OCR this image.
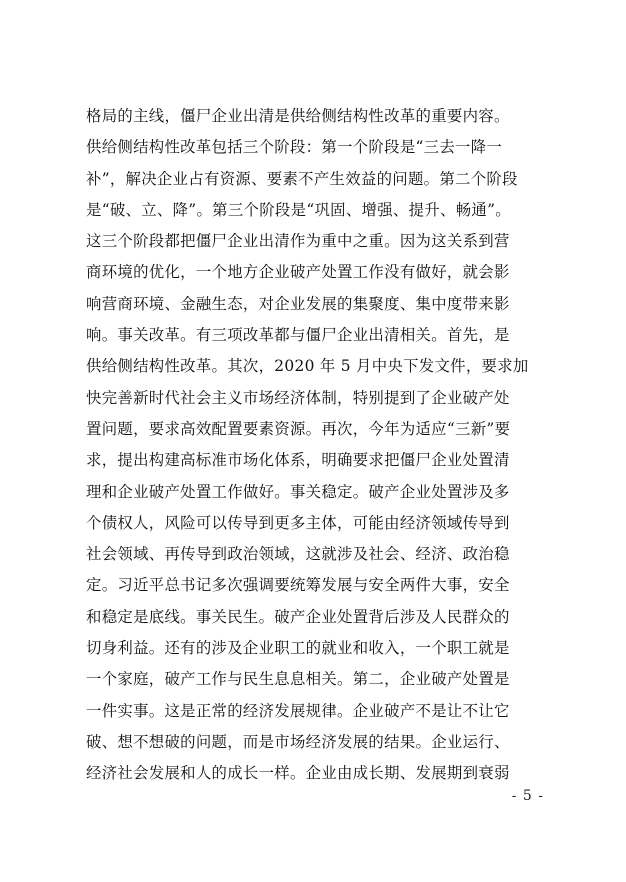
格局的主线，僵尸企业出清是供给侧结构性改革的重要内容。
供给侧结构性改革包括三个阶段：第一个阶段是“三去一降一
补”，解决企业占有资源、要素不产生效益的问题。第二个阶段
是“破、立、降”。第三个阶段是“巩固、增强、提升、畅通”。
这三个阶段都把僵尸企业出清作为重中之重。因为这关系到营
商环境的优化，一个地方企业破产处置工作没有做好，就会影
响营商环境、金融生态，对企业发展的集聚度、集中度带来影
响。事关改革。有三项改革都与僵尸企业出清相关。首先，是
供给侧结构性改革。其次，2020 年 5 月中央下发文件，要求加
快完善新时代社会主义市场经济体制，特别提到了企业破产处
置问题，要求高效配置要素资源。再次，今年为适应“三新”要
求，提出构建高标准市场化体系，明确要求把僵尸企业处置清
理和企业破产处置工作做好。事关稳定。破产企业处置涉及多
个债权人，风险可以传导到更多主体，可能由经济领域传导到
社会领域、再传导到政治领域，这就涉及社会、经济、政治稳
定。习近平总书记多次强调要统筹发展与安全两件大事，安全
和稳定是底线。事关民生。破产企业处置背后涉及人民群众的
切身利益。还有的涉及企业职工的就业和收入，一个职工就是
一个家庭，破产工作与民生息息相关。第二，企业破产处置是
一件实事。这是正常的经济发展规律。企业破产不是让不让它
破、想不想破的问题，而是市场经济发展的结果。企业运行、
经济社会发展和人的成长一样。企业由成长期、发展期到衰弱
- 5 -
